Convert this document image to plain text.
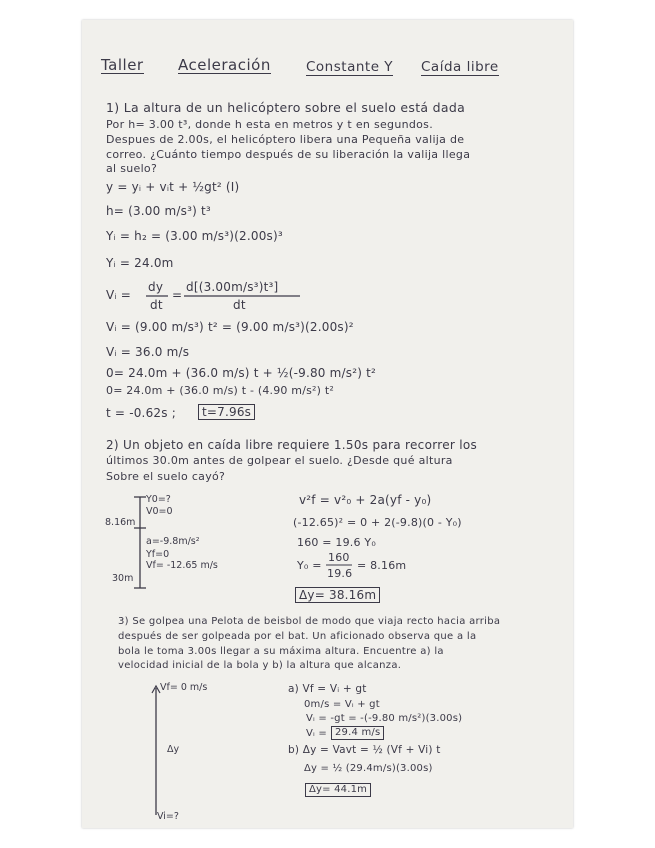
Taller Aceleración	Constante Y Caída libre
1) La altura de un helicóptero sobre el suelo está dada
Por h= 3.00 t³, donde h esta en metros y t en segundos.
Despues de 2.00s, el helicóptero libera una Pequeña valija de
correo. ¿Cuánto tiempo después de su liberación la valija llega
al suelo?
y = yᵢ + vᵢt + ½gt² (I)
h= (3.00 m/s³) t³
Yᵢ = h₂ = (3.00 m/s³)(2.00s)³
Yᵢ = 24.0m
Vᵢ =
dy
dt
=
d[(3.00m/s³)t³]
dt
Vᵢ = (9.00 m/s³) t² = (9.00 m/s³)(2.00s)²
Vᵢ = 36.0 m/s
0= 24.0m + (36.0 m/s) t + ½(-9.80 m/s²) t²
0= 24.0m + (36.0 m/s) t - (4.90 m/s²) t²
t = -0.62s ;	t=7.96s
2) Un objeto en caída libre requiere 1.50s para recorrer los
últimos 30.0m antes de golpear el suelo. ¿Desde qué altura
Sobre el suelo cayó?
Y0=?
V0=0
8.16m
a=-9.8m/s²
Yf=0
Vf= -12.65 m/s
30m
v²f = v²₀ + 2a(yf - y₀)
(-12.65)² = 0 + 2(-9.8)(0 - Y₀)
160 = 19.6 Y₀
Y₀ =
160
19.6
= 8.16m
Δy= 38.16m
3) Se golpea una Pelota de beisbol de modo que viaja recto hacia arriba
después de ser golpeada por el bat. Un aficionado observa que a la
bola le toma 3.00s llegar a su máxima altura. Encuentre a) la
velocidad inicial de la bola y b) la altura que alcanza.
Vf= 0 m/s
Δy
Vi=?
a) Vf = Vᵢ + gt
0m/s = Vᵢ + gt
Vᵢ = -gt = -(-9.80 m/s²)(3.00s)
Vᵢ = 29.4 m/s
b) Δy = Vavt = ½ (Vf + Vi) t
Δy = ½ (29.4m/s)(3.00s)
Δy= 44.1m
